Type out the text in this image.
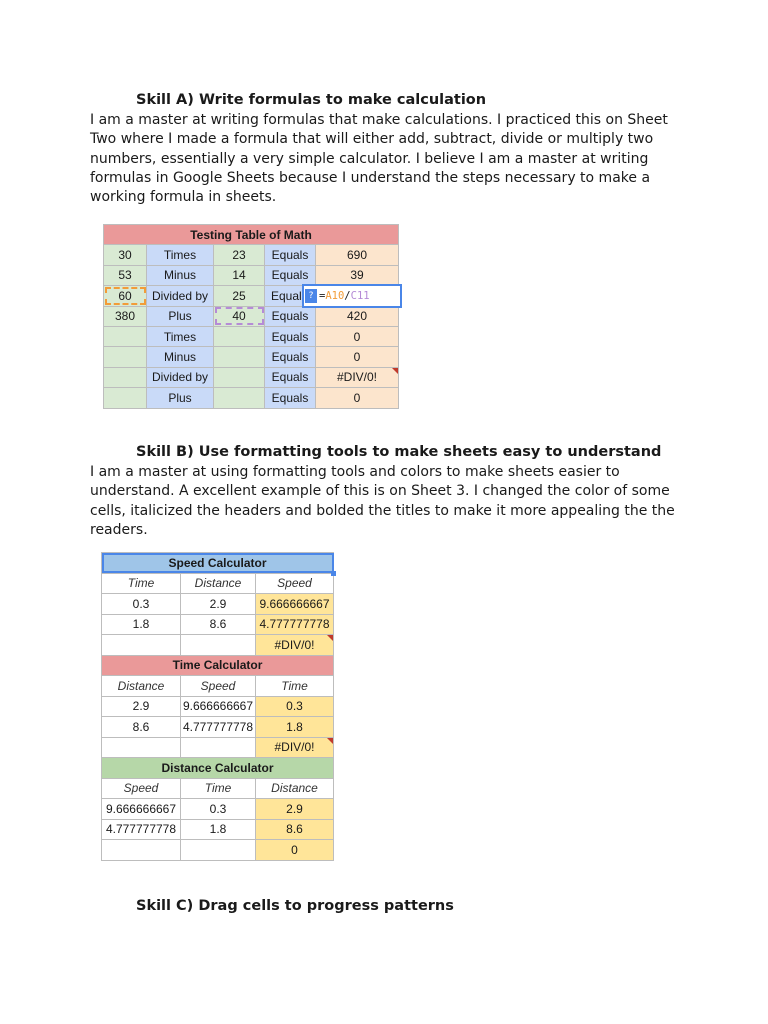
Skill A) Write formulas to make calculation
I am a master at writing formulas that make calculations. I practiced this on Sheet Two where I made a formula that will either add, subtract, divide or multiply two numbers, essentially a very simple calculator. I believe I am a master at writing formulas in Google Sheets because I understand the steps necessary to make a working formula in sheets.
Testing Table of Math				
30	Times	23	Equals	690
53	Minus	14	Equals	39
60	Divided by	25	Equal	? =A10/C11

380	Plus	40	Equals	420
	Times		Equals	0
	Minus		Equals	0
	Divided by		Equals	#DIV/0!

	Plus		Equals	0
Skill B) Use formatting tools to make sheets easy to understand
I am a master at using formatting tools and colors to make sheets easier to understand. A excellent example of this is on Sheet 3. I changed the color of some cells, italicized the headers and bolded the titles to make it more appealing the the readers.
Speed Calculator		

Time	Distance	Speed
0.3	2.9	9.666666667
1.8	8.6	4.777777778
		#DIV/0!

Time Calculator		
Distance	Speed	Time
2.9	9.666666667	0.3
8.6	4.777777778	1.8
		#DIV/0!

Distance Calculator		
Speed	Time	Distance
9.666666667	0.3	2.9
4.777777778	1.8	8.6
		0
Skill C) Drag cells to progress patterns
